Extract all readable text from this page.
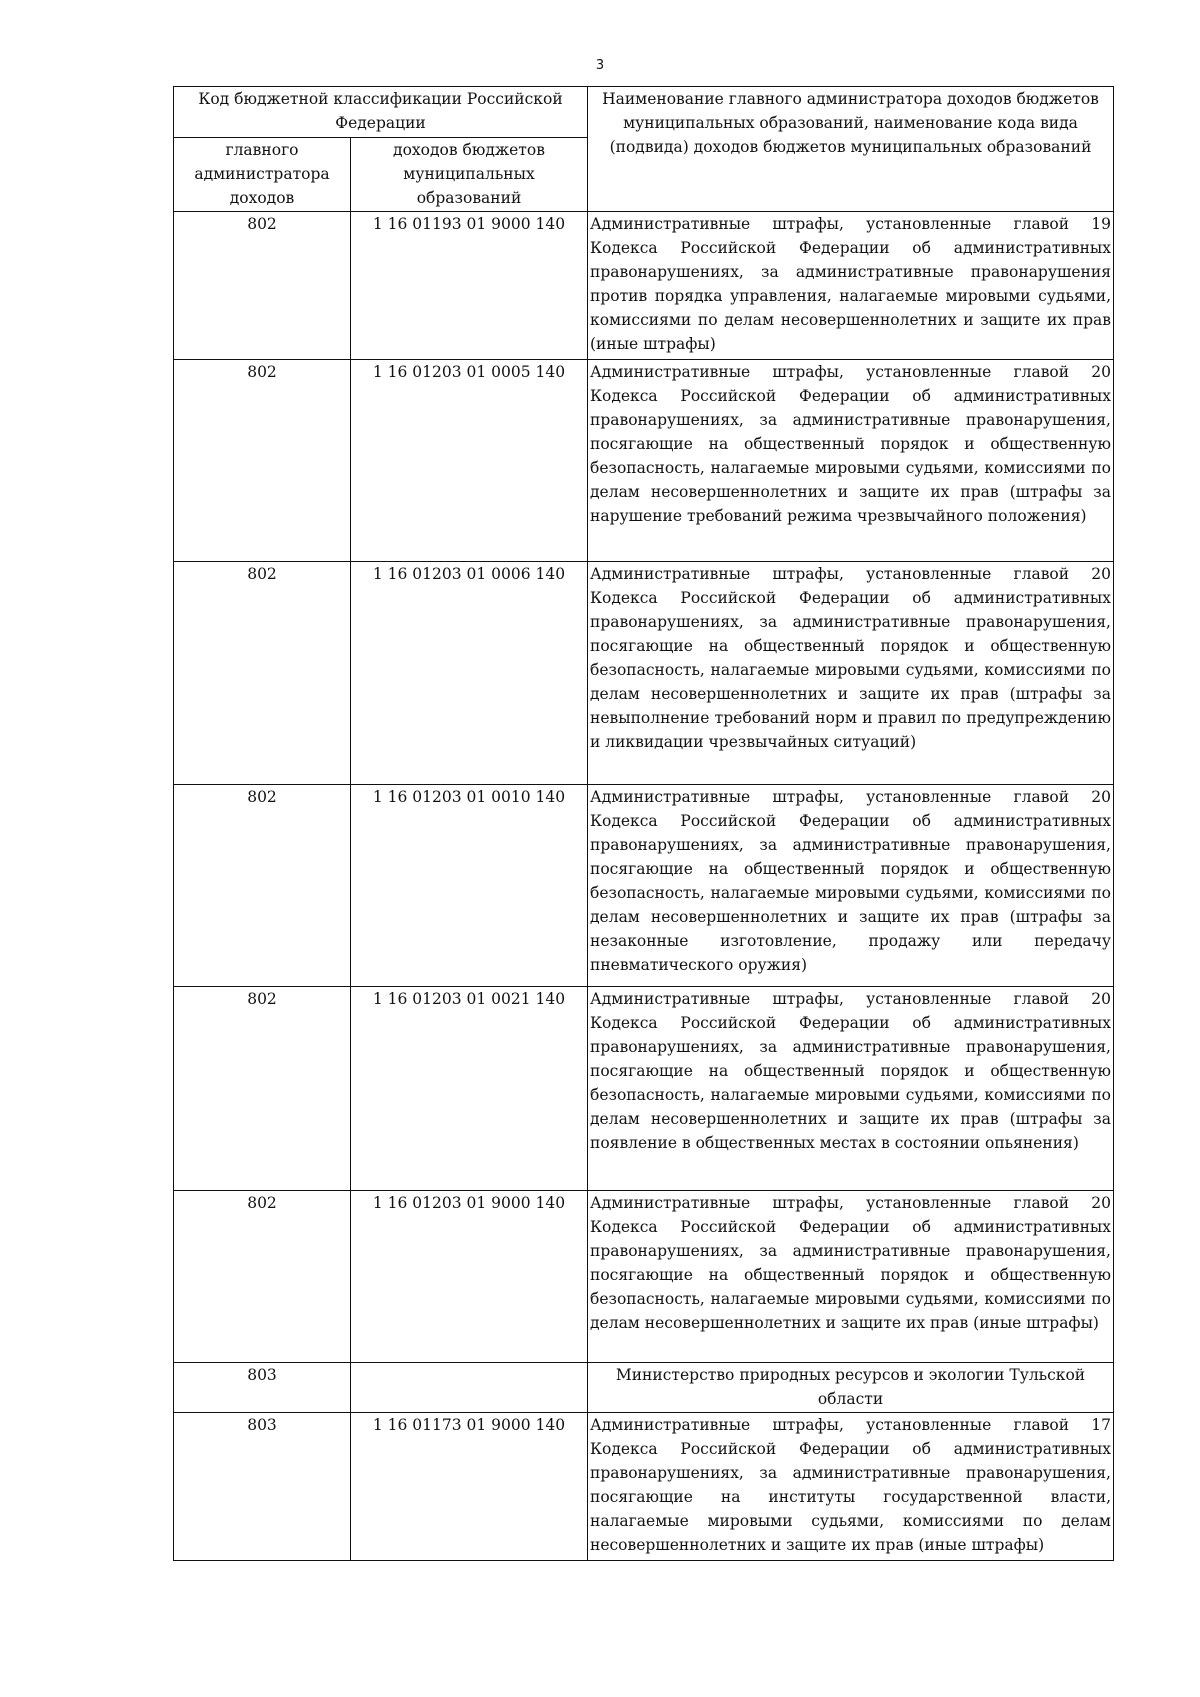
3
Код бюджетной классификации Российской Федерации		Наименование главного администратора доходов бюджетов муниципальных образований, наименование кода вида (подвида) доходов бюджетов муниципальных образований
главного администратора доходов	доходов бюджетов муниципальных образований	
802	1 16 01193 01 9000 140	Административные штрафы, установленные главой 19 Кодекса Российской Федерации об административных правонарушениях, за административные правонарушения против порядка управления, налагаемые мировыми судьями, комиссиями по делам несовершеннолетних и защите их прав (иные штрафы)
802	1 16 01203 01 0005 140	Административные штрафы, установленные главой 20 Кодекса Российской Федерации об административных правонарушениях, за административные правонарушения, посягающие на общественный порядок и общественную безопасность, налагаемые мировыми судьями, комиссиями по делам несовершеннолетних и защите их прав (штрафы за нарушение требований режима чрезвычайного положения)
802	1 16 01203 01 0006 140	Административные штрафы, установленные главой 20 Кодекса Российской Федерации об административных правонарушениях, за административные правонарушения, посягающие на общественный порядок и общественную безопасность, налагаемые мировыми судьями, комиссиями по делам несовершеннолетних и защите их прав (штрафы за невыполнение требований норм и правил по предупреждению и ликвидации чрезвычайных ситуаций)
802	1 16 01203 01 0010 140	Административные штрафы, установленные главой 20 Кодекса Российской Федерации об административных правонарушениях, за административные правонарушения, посягающие на общественный порядок и общественную безопасность, налагаемые мировыми судьями, комиссиями по делам несовершеннолетних и защите их прав (штрафы за незаконные изготовление, продажу или передачу пневматического оружия)
802	1 16 01203 01 0021 140	Административные штрафы, установленные главой 20 Кодекса Российской Федерации об административных правонарушениях, за административные правонарушения, посягающие на общественный порядок и общественную безопасность, налагаемые мировыми судьями, комиссиями по делам несовершеннолетних и защите их прав (штрафы за появление в общественных местах в состоянии опьянения)
802	1 16 01203 01 9000 140	Административные штрафы, установленные главой 20 Кодекса Российской Федерации об административных правонарушениях, за административные правонарушения, посягающие на общественный порядок и общественную безопасность, налагаемые мировыми судьями, комиссиями по делам несовершеннолетних и защите их прав (иные штрафы)
803		Министерство природных ресурсов и экологии Тульской области
803	1 16 01173 01 9000 140	Административные штрафы, установленные главой 17 Кодекса Российской Федерации об административных правонарушениях, за административные правонарушения, посягающие на институты государственной власти, налагаемые мировыми судьями, комиссиями по делам несовершеннолетних и защите их прав (иные штрафы)
